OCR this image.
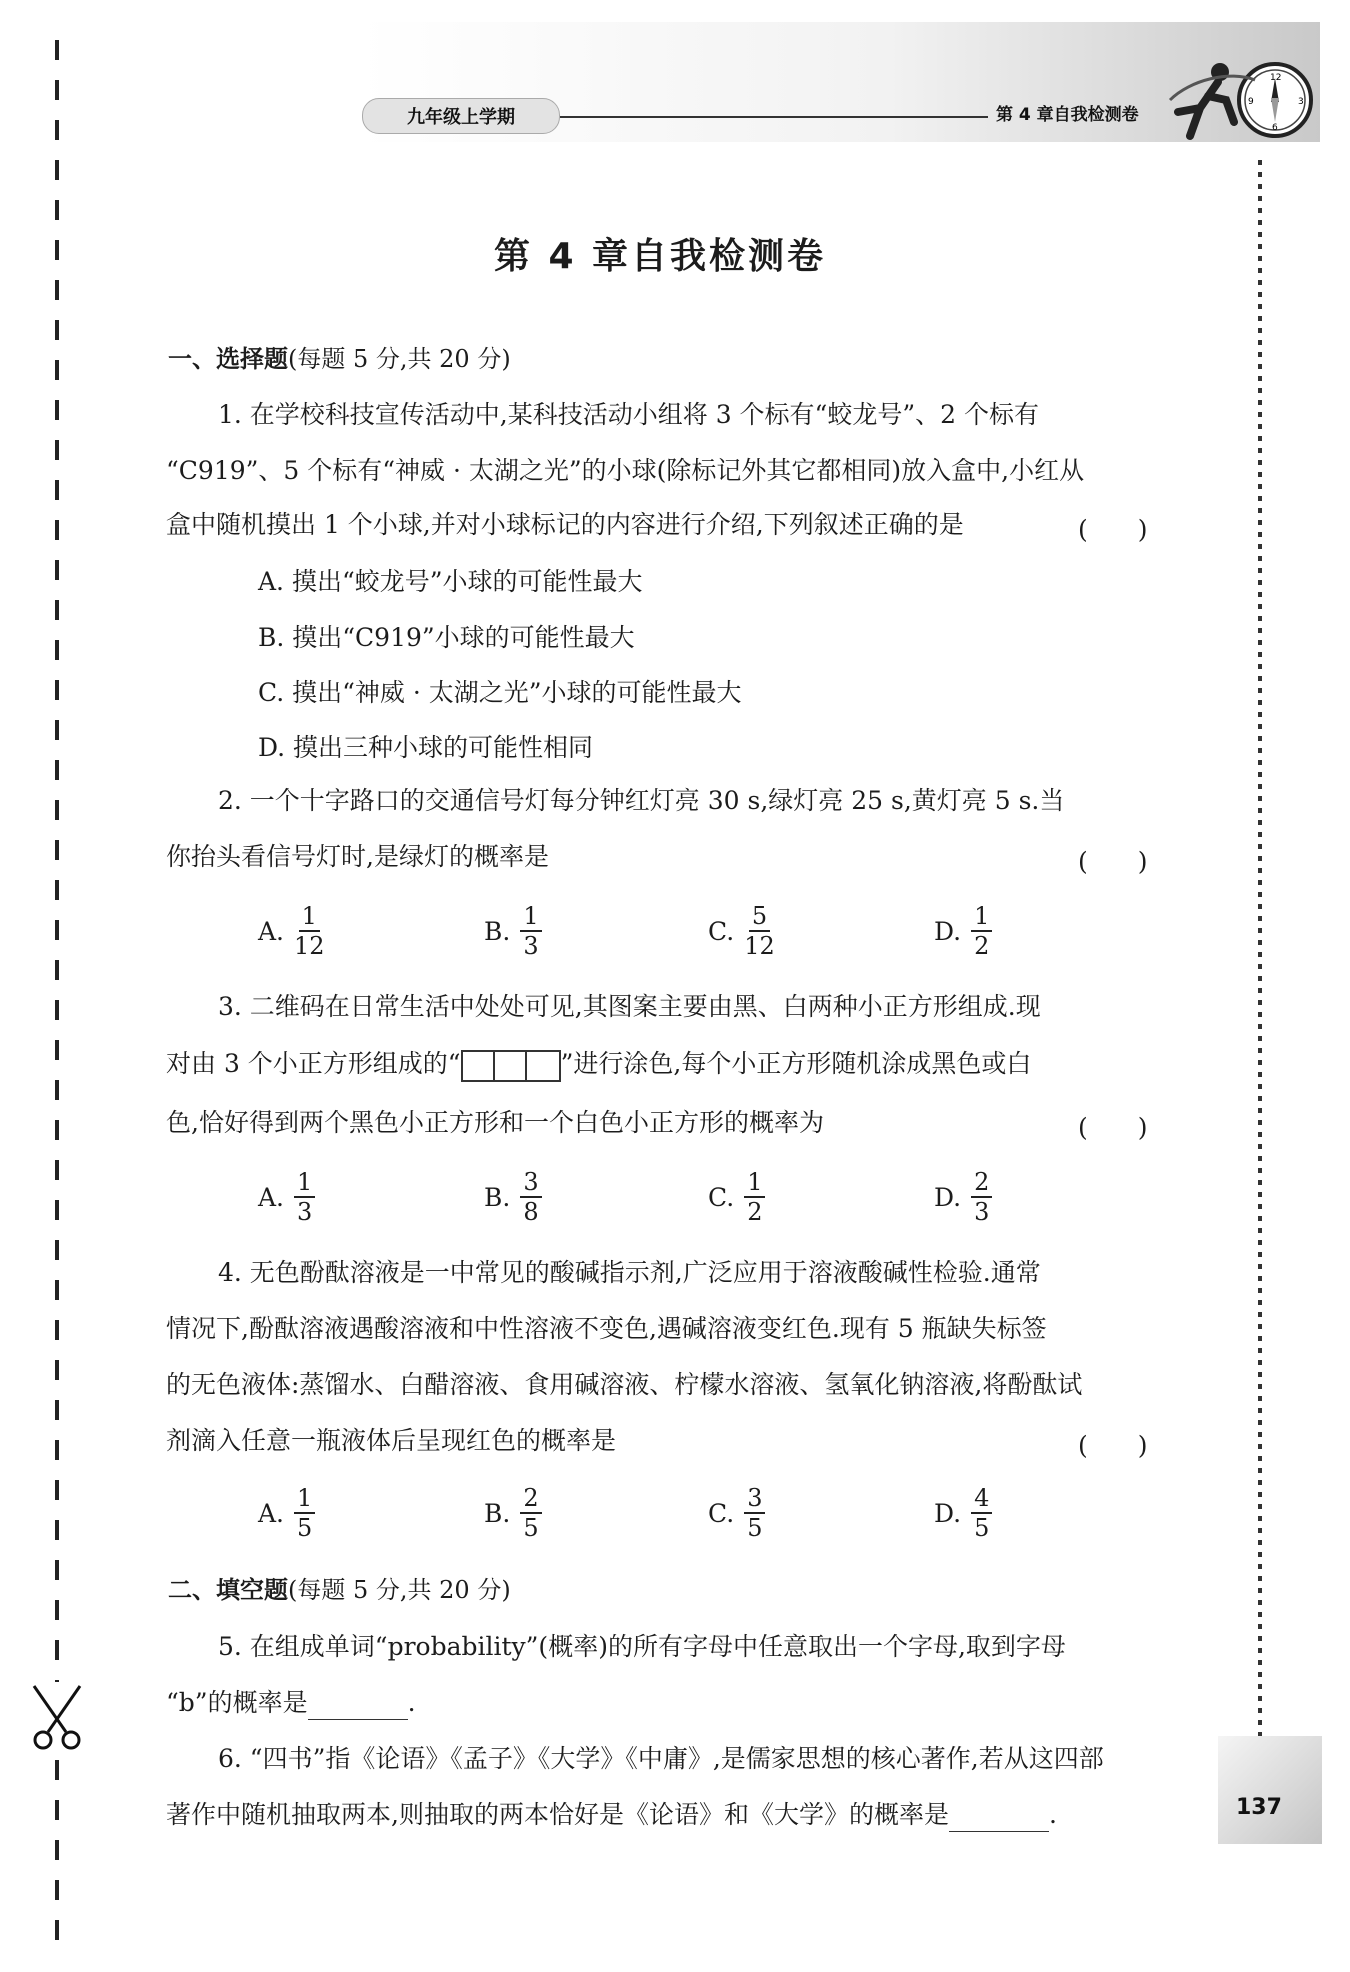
九年级上学期	第 4 章自我检测卷
12
3
6
9
第 4 章自我检测卷
一、选择题(每题 5 分,共 20 分)
1. 在学校科技宣传活动中,某科技活动小组将 3 个标有“蛟龙号”、2 个标有
“C919”、5 个标有“神威 · 太湖之光”的小球(除标记外其它都相同)放入盒中,小红从
盒中随机摸出 1 个小球,并对小球标记的内容进行介绍,下列叙述正确的是	(　　)
A. 摸出“蛟龙号”小球的可能性最大
B. 摸出“C919”小球的可能性最大
C. 摸出“神威 · 太湖之光”小球的可能性最大
D. 摸出三种小球的可能性相同
2. 一个十字路口的交通信号灯每分钟红灯亮 30 s,绿灯亮 25 s,黄灯亮 5 s.当
你抬头看信号灯时,是绿灯的概率是	(　　)
A. $\frac{1}{12}$	B. $\frac{1}{3}$	C. $\frac{5}{12}$	D. $\frac{1}{2}$
3. 二维码在日常生活中处处可见,其图案主要由黑、白两种小正方形组成.现
对由 3 个小正方形组成的“	”进行涂色,每个小正方形随机涂成黑色或白
色,恰好得到两个黑色小正方形和一个白色小正方形的概率为	(　　)
A. $\frac{1}{3}$	B. $\frac{3}{8}$	C. $\frac{1}{2}$	D. $\frac{2}{3}$
4. 无色酚酞溶液是一中常见的酸碱指示剂,广泛应用于溶液酸碱性检验.通常
情况下,酚酞溶液遇酸溶液和中性溶液不变色,遇碱溶液变红色.现有 5 瓶缺失标签
的无色液体:蒸馏水、白醋溶液、食用碱溶液、柠檬水溶液、氢氧化钠溶液,将酚酞试
剂滴入任意一瓶液体后呈现红色的概率是	(　　)
A. $\frac{1}{5}$	B. $\frac{2}{5}$	C. $\frac{3}{5}$	D. $\frac{4}{5}$
二、填空题(每题 5 分,共 20 分)
5. 在组成单词“probability”(概率)的所有字母中任意取出一个字母,取到字母
“b”的概率是	.
6. “四书”指《论语》《孟子》《大学》《中庸》,是儒家思想的核心著作,若从这四部
著作中随机抽取两本,则抽取的两本恰好是《论语》和《大学》的概率是	.	137
